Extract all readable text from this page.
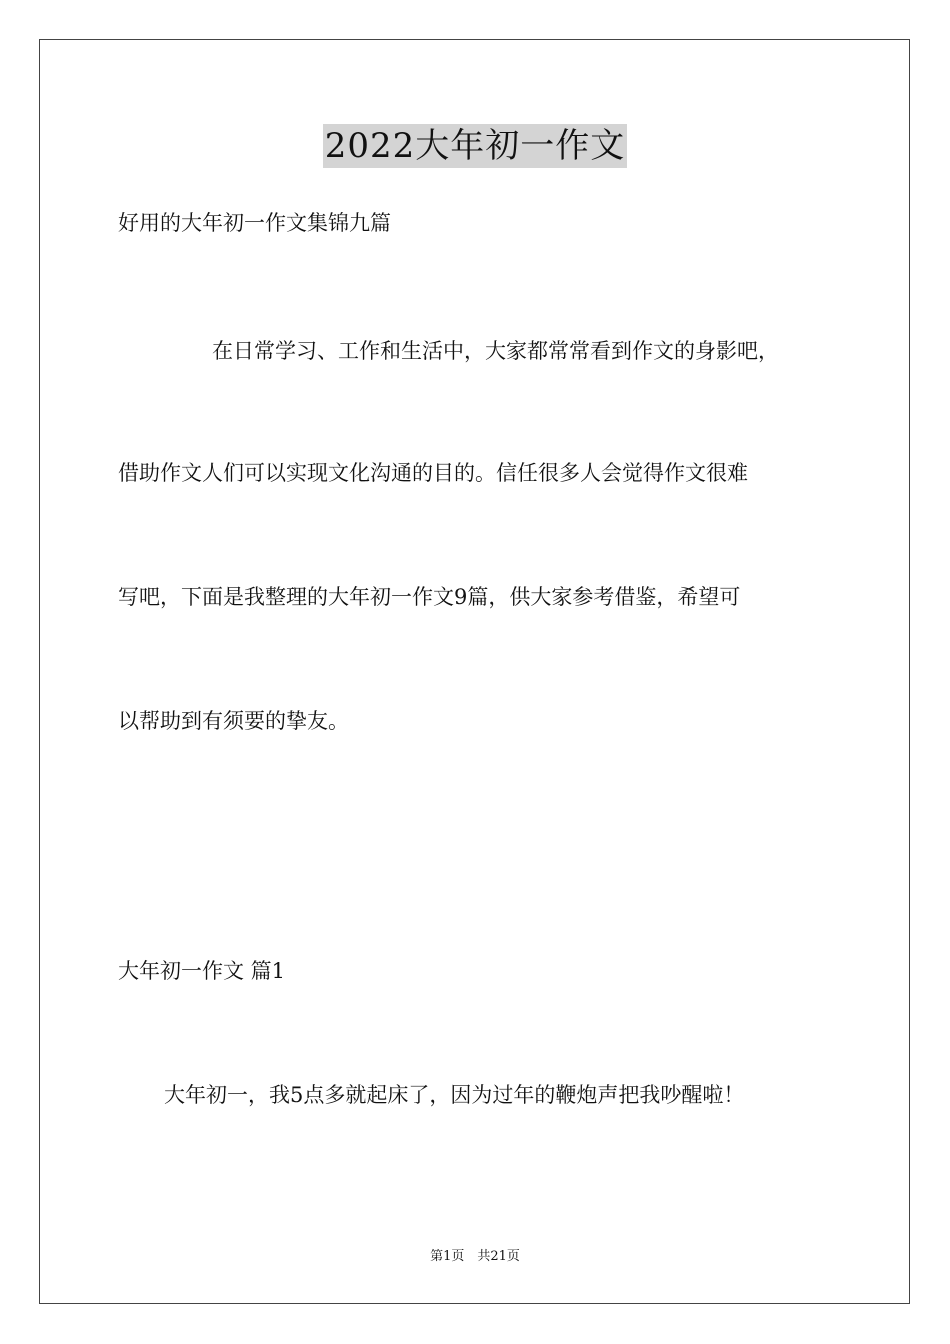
2022大年初一作文
好用的大年初一作文集锦九篇
在日常学习、工作和生活中，大家都常常看到作文的身影吧，
借助作文人们可以实现文化沟通的目的。信任很多人会觉得作文很难
写吧，下面是我整理的大年初一作文9篇，供大家参考借鉴，希望可
以帮助到有须要的挚友。
大年初一作文 篇1
大年初一，我5点多就起床了，因为过年的鞭炮声把我吵醒啦！
第1页　共21页
